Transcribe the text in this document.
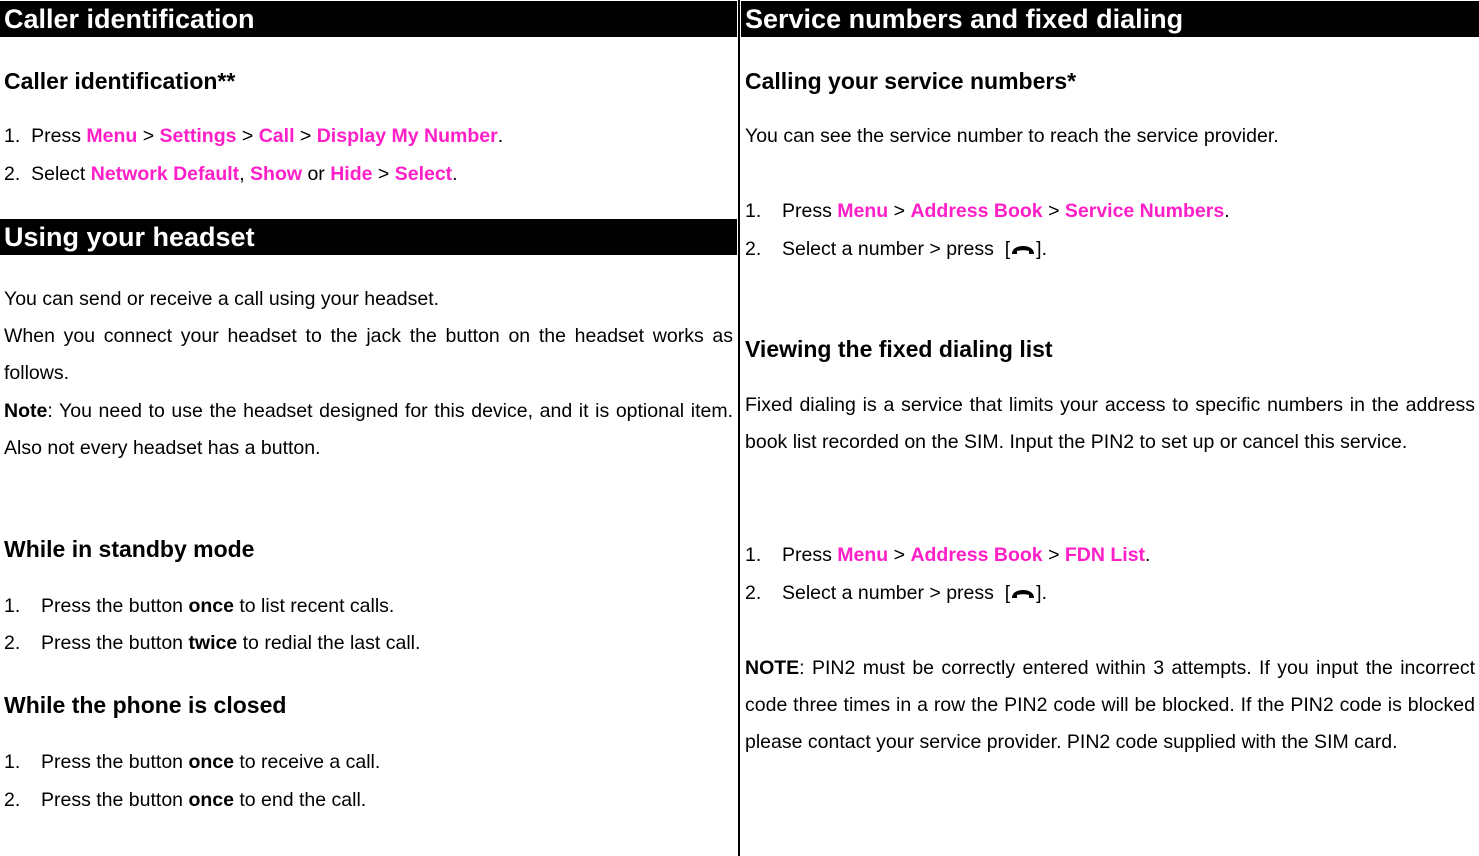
Caller identification
Caller identification**
1. Press Menu > Settings > Call > Display My Number.
2. Select Network Default, Show or Hide > Select.
Using your headset
You can send or receive a call using your headset.
When you connect your headset to the jack the button on the headset works as follows.
Note: You need to use the headset designed for this device, and it is optional item. Also not every headset has a button.
While in standby mode
1. Press the button once to list recent calls.
2. Press the button twice to redial the last call.
While the phone is closed
1. Press the button once to receive a call.
2. Press the button once to end the call.
Service numbers and fixed dialing
Calling your service numbers*
You can see the service number to reach the service provider.
1. Press Menu > Address Book > Service Numbers.
2. Select a number > press [ ].
Viewing the fixed dialing list
Fixed dialing is a service that limits your access to specific numbers in the address book list recorded on the SIM. Input the PIN2 to set up or cancel this service.
1. Press Menu > Address Book > FDN List.
2. Select a number > press [ ].
NOTE: PIN2 must be correctly entered within 3 attempts. If you input the incorrect code three times in a row the PIN2 code will be blocked. If the PIN2 code is blocked please contact your service provider. PIN2 code supplied with the SIM card.
